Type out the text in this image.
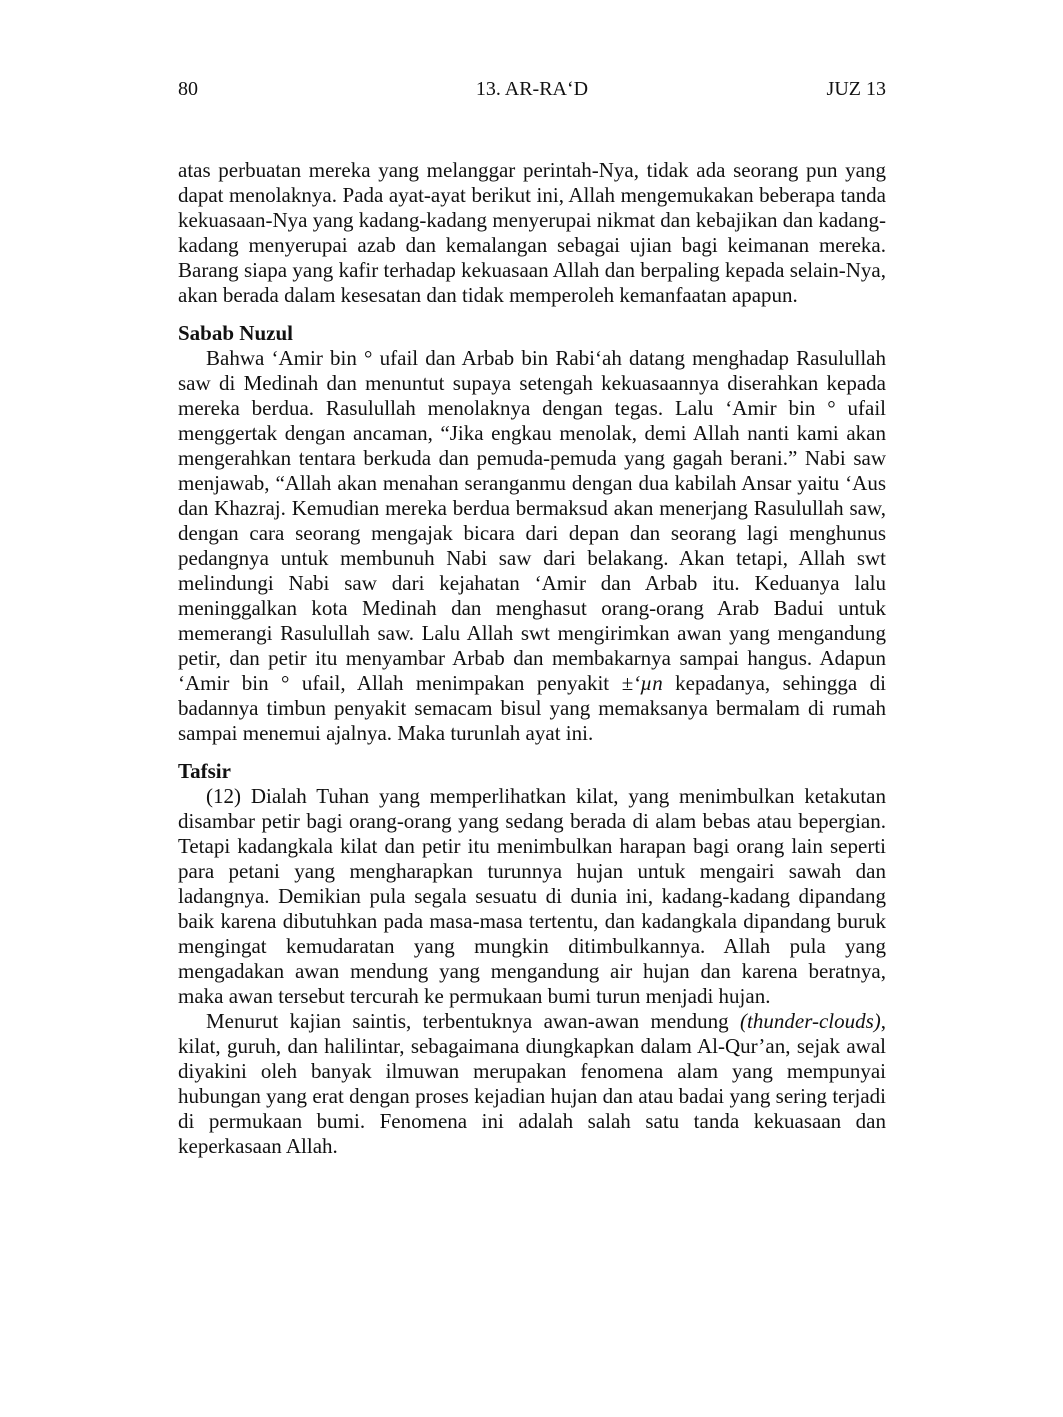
80	13. AR-RA‘D	JUZ 13

atas perbuatan mereka yang melanggar perintah-Nya, tidak ada seorang pun yang dapat menolaknya. Pada ayat-ayat berikut ini, Allah mengemukakan beberapa tanda kekuasaan-Nya yang kadang-kadang menyerupai nikmat dan kebajikan dan kadang-kadang menyerupai azab dan kemalangan sebagai ujian bagi keimanan mereka. Barang siapa yang kafir terhadap kekuasaan Allah dan berpaling kepada selain-Nya, akan berada dalam kesesatan dan tidak memperoleh kemanfaatan apapun.

Sabab Nuzul

Bahwa ‘Amir bin ° ufail dan Arbab bin Rabi‘ah datang menghadap Rasulullah saw di Medinah dan menuntut supaya setengah kekuasaannya diserahkan kepada mereka berdua. Rasulullah menolaknya dengan tegas. Lalu ‘Amir bin ° ufail menggertak dengan ancaman, “Jika engkau menolak, demi Allah nanti kami akan mengerahkan tentara berkuda dan pemuda-pemuda yang gagah berani.” Nabi saw menjawab, “Allah akan menahan seranganmu dengan dua kabilah Ansar yaitu ‘Aus dan Khazraj. Kemudian mereka berdua bermaksud akan menerjang Rasulullah saw, dengan cara seorang mengajak bicara dari depan dan seorang lagi menghunus pedangnya untuk membunuh Nabi saw dari belakang. Akan tetapi, Allah swt melindungi Nabi saw dari kejahatan ‘Amir dan Arbab itu. Keduanya lalu meninggalkan kota Medinah dan menghasut orang-orang Arab Badui untuk memerangi Rasulullah saw. Lalu Allah swt mengirimkan awan yang mengandung petir, dan petir itu menyambar Arbab dan membakarnya sampai hangus. Adapun ‘Amir bin ° ufail, Allah menimpakan penyakit ±‘µn kepadanya, sehingga di badannya timbun penyakit semacam bisul yang memaksanya bermalam di rumah sampai menemui ajalnya. Maka turunlah ayat ini.

Tafsir

(12) Dialah Tuhan yang memperlihatkan kilat, yang menimbulkan ketakutan disambar petir bagi orang-orang yang sedang berada di alam bebas atau bepergian. Tetapi kadangkala kilat dan petir itu menimbulkan harapan bagi orang lain seperti para petani yang mengharapkan turunnya hujan untuk mengairi sawah dan ladangnya. Demikian pula segala sesuatu di dunia ini, kadang-kadang dipandang baik karena dibutuhkan pada masa-masa tertentu, dan kadangkala dipandang buruk mengingat kemudaratan yang mungkin ditimbulkannya. Allah pula yang mengadakan awan mendung yang mengandung air hujan dan karena beratnya, maka awan tersebut tercurah ke permukaan bumi turun menjadi hujan.

Menurut kajian saintis, terbentuknya awan-awan mendung (thunder-clouds), kilat, guruh, dan halilintar, sebagaimana diungkapkan dalam Al-Qur’an, sejak awal diyakini oleh banyak ilmuwan merupakan fenomena alam yang mempunyai hubungan yang erat dengan proses kejadian hujan dan atau badai yang sering terjadi di permukaan bumi. Fenomena ini adalah salah satu tanda kekuasaan dan keperkasaan Allah.
